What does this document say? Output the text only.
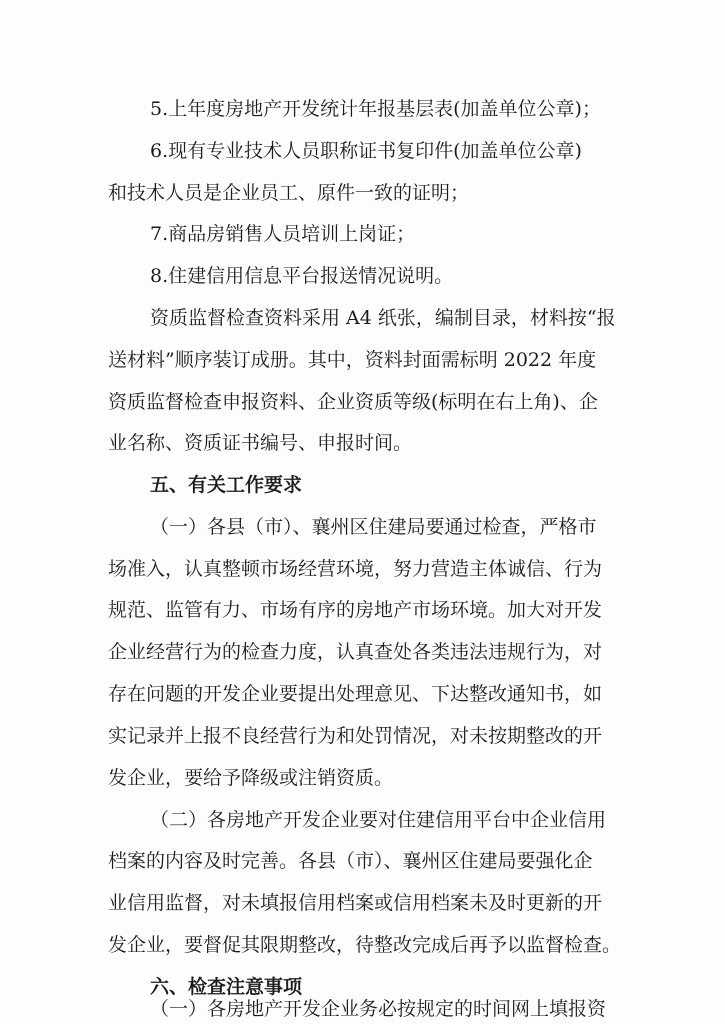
5.上年度房地产开发统计年报基层表(加盖单位公章)；
6.现有专业技术人员职称证书复印件(加盖单位公章)
和技术人员是企业员工、原件一致的证明；
7.商品房销售人员培训上岗证；
8.住建信用信息平台报送情况说明。
资质监督检查资料采用 A4 纸张，编制目录，材料按“报
送材料”顺序装订成册。其中，资料封面需标明 2022 年度
资质监督检查申报资料、企业资质等级(标明在右上角)、企
业名称、资质证书编号、申报时间。
五、有关工作要求
（一）各县（市）、襄州区住建局要通过检查，严格市
场准入，认真整顿市场经营环境，努力营造主体诚信、行为
规范、监管有力、市场有序的房地产市场环境。加大对开发
企业经营行为的检查力度，认真查处各类违法违规行为，对
存在问题的开发企业要提出处理意见、下达整改通知书，如
实记录并上报不良经营行为和处罚情况，对未按期整改的开
发企业，要给予降级或注销资质。
（二）各房地产开发企业要对住建信用平台中企业信用
档案的内容及时完善。各县（市）、襄州区住建局要强化企
业信用监督，对未填报信用档案或信用档案未及时更新的开
发企业，要督促其限期整改，待整改完成后再予以监督检查。
六、检查注意事项
（一）各房地产开发企业务必按规定的时间网上填报资
